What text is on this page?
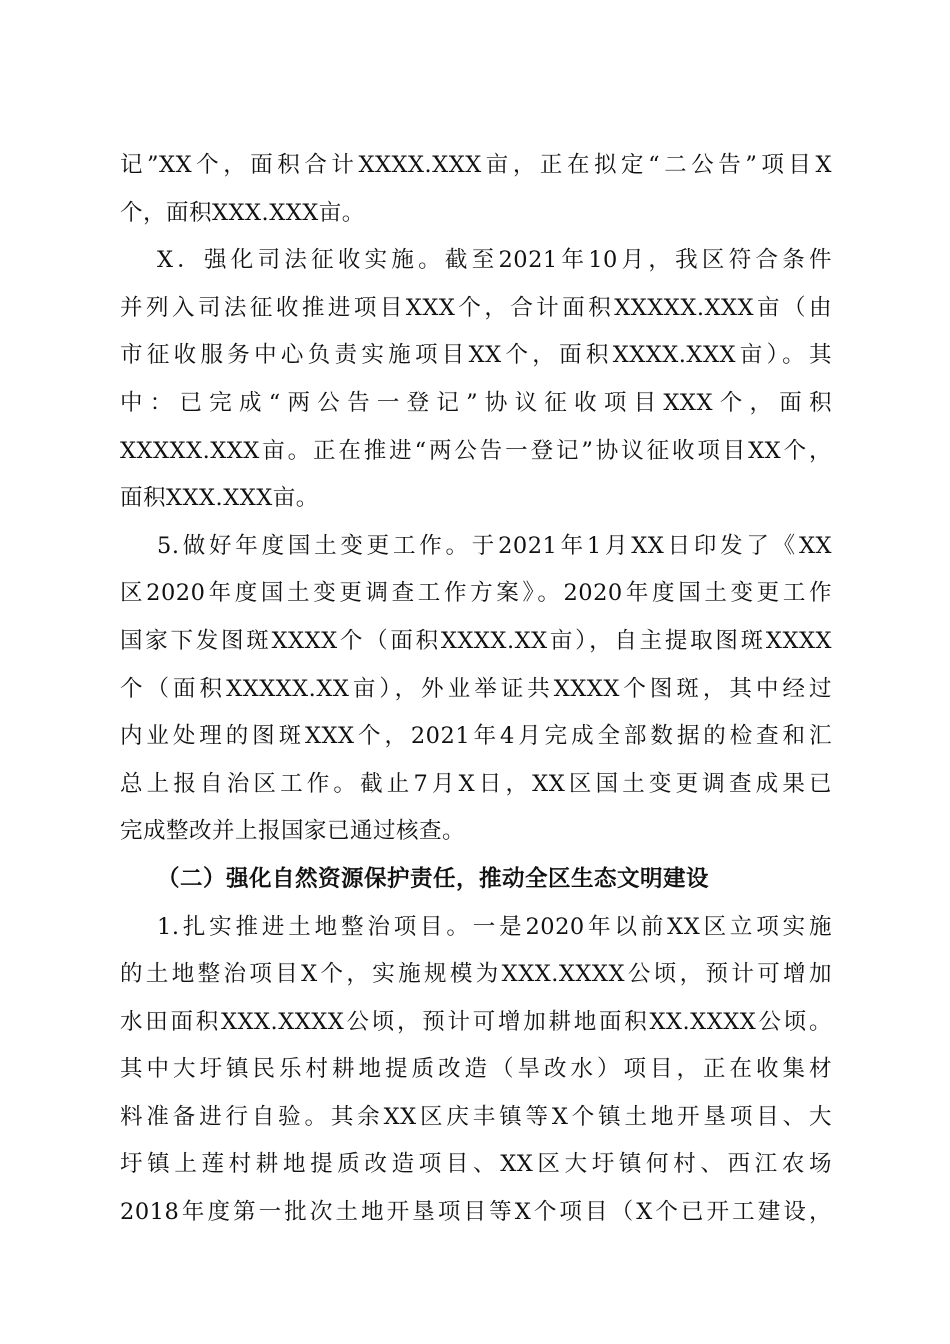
记”XX个，面积合计XXXX.XXX亩，正在拟定“二公告”项目X
个，面积XXX.XXX亩。
X．强化司法征收实施。截至2021年10月，我区符合条件
并列入司法征收推进项目XXX个，合计面积XXXXX.XXX亩（由
市征收服务中心负责实施项目XX个，面积XXXX.XXX亩）。其
中：已完成“两公告一登记”协议征收项目XXX个，面积
XXXXX.XXX亩。正在推进“两公告一登记”协议征收项目XX个，
面积XXX.XXX亩。
5.做好年度国土变更工作。于2021年1月XX日印发了《XX
区2020年度国土变更调查工作方案》。2020年度国土变更工作
国家下发图斑XXXX个（面积XXXX.XX亩），自主提取图斑XXXX
个（面积XXXXX.XX亩），外业举证共XXXX个图斑，其中经过
内业处理的图斑XXX个，2021年4月完成全部数据的检查和汇
总上报自治区工作。截止7月X日，XX区国土变更调查成果已
完成整改并上报国家已通过核查。
（二）强化自然资源保护责任，推动全区生态文明建设
1.扎实推进土地整治项目。一是2020年以前XX区立项实施
的土地整治项目X个，实施规模为XXX.XXXX公顷，预计可增加
水田面积XXX.XXXX公顷，预计可增加耕地面积XX.XXXX公顷。
其中大圩镇民乐村耕地提质改造（旱改水）项目，正在收集材
料准备进行自验。其余XX区庆丰镇等X个镇土地开垦项目、大
圩镇上莲村耕地提质改造项目、XX区大圩镇何村、西江农场
2018年度第一批次土地开垦项目等X个项目（X个已开工建设，
